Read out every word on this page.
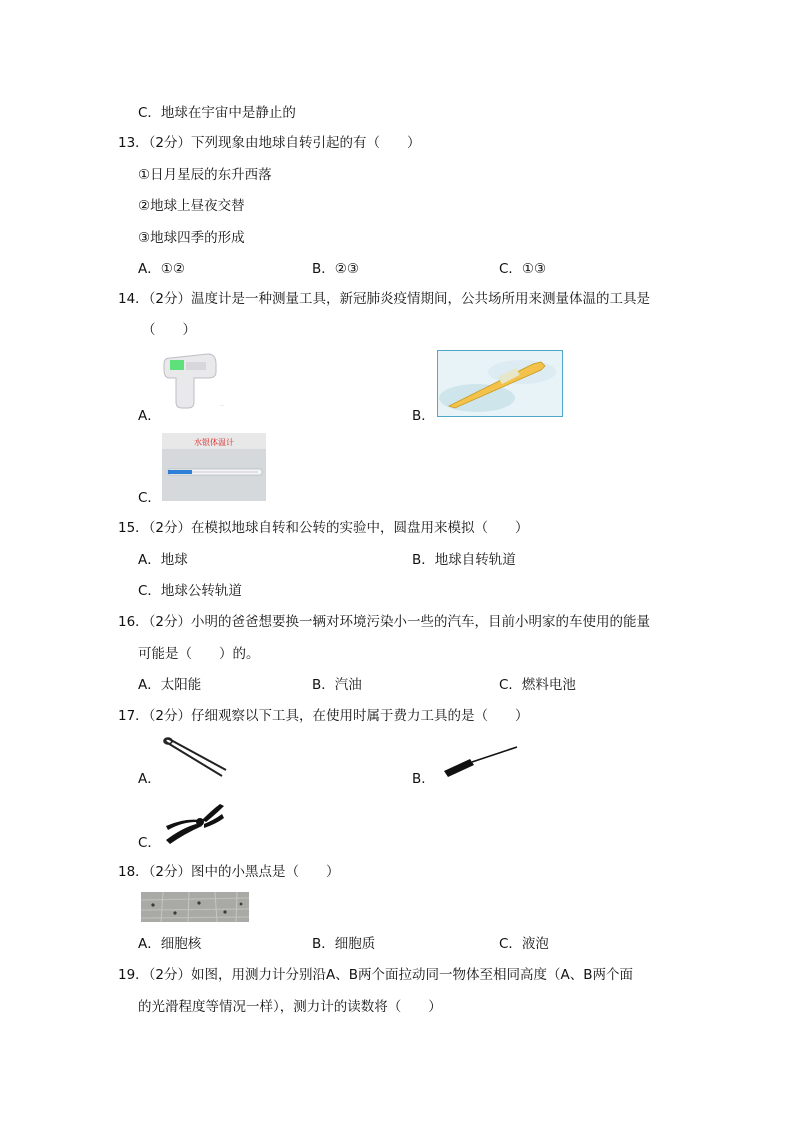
C．地球在宇宙中是静止的
13．（2分）下列现象由地球自转引起的有（　　）
①日月星辰的东升西落
②地球上昼夜交替
③地球四季的形成
A．①②	B．②③	C．①③
14．（2分）温度计是一种测量工具，新冠肺炎疫情期间，公共场所用来测量体温的工具是
（　　）
···
A．	B．
水银体温计
C．
15．（2分）在模拟地球自转和公转的实验中，圆盘用来模拟（　　）
A．地球	B．地球自转轨道
C．地球公转轨道
16．（2分）小明的爸爸想要换一辆对环境污染小一些的汽车，目前小明家的车使用的能量
可能是（　　）的。
A．太阳能	B．汽油	C．燃料电池
17．（2分）仔细观察以下工具，在使用时属于费力工具的是（　　）
A．	B．
C．
18．（2分）图中的小黑点是（　　）
A．细胞核	B．细胞质	C．液泡
19．（2分）如图，用测力计分别沿A、B两个面拉动同一物体至相同高度（A、B两个面
的光滑程度等情况一样），测力计的读数将（　　）
